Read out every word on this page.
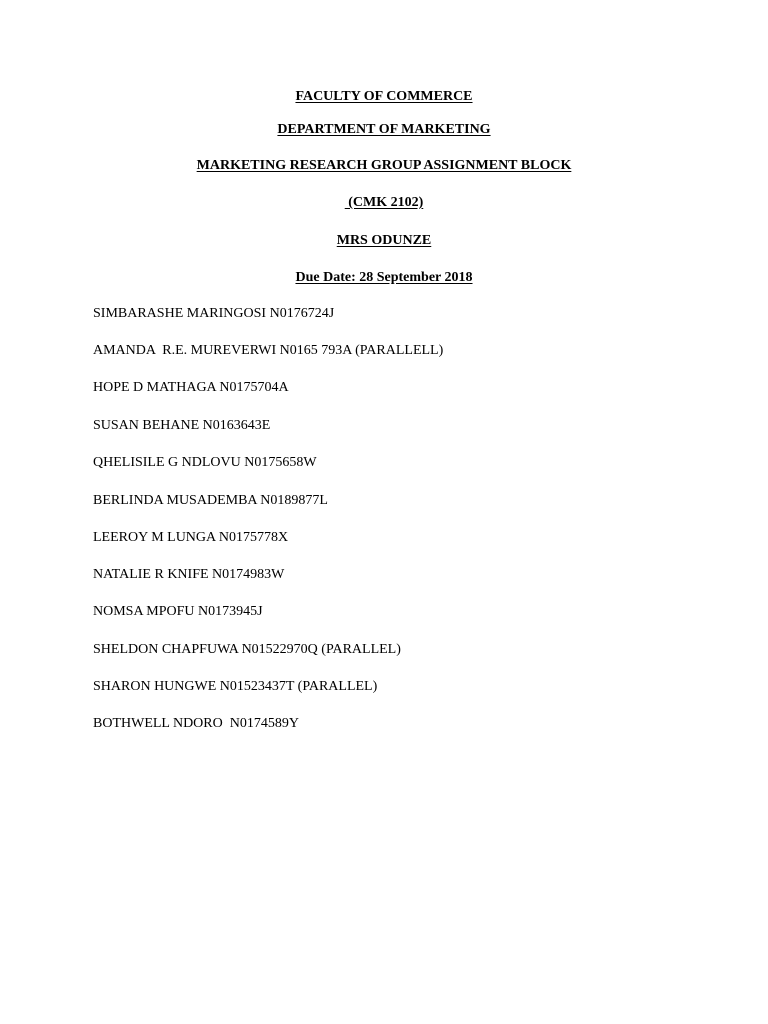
FACULTY OF COMMERCE
DEPARTMENT OF MARKETING
MARKETING RESEARCH GROUP ASSIGNMENT BLOCK
(CMK 2102)
MRS ODUNZE
Due Date: 28 September 2018
SIMBARASHE MARINGOSI N0176724J
AMANDA  R.E. MUREVERWI N0165 793A (PARALLELL)
HOPE D MATHAGA N0175704A
SUSAN BEHANE N0163643E
QHELISILE G NDLOVU N0175658W
BERLINDA MUSADEMBA N0189877L
LEEROY M LUNGA N0175778X
NATALIE R KNIFE N0174983W
NOMSA MPOFU N0173945J
SHELDON CHAPFUWA N01522970Q (PARALLEL)
SHARON HUNGWE N01523437T (PARALLEL)
BOTHWELL NDORO  N0174589Y
